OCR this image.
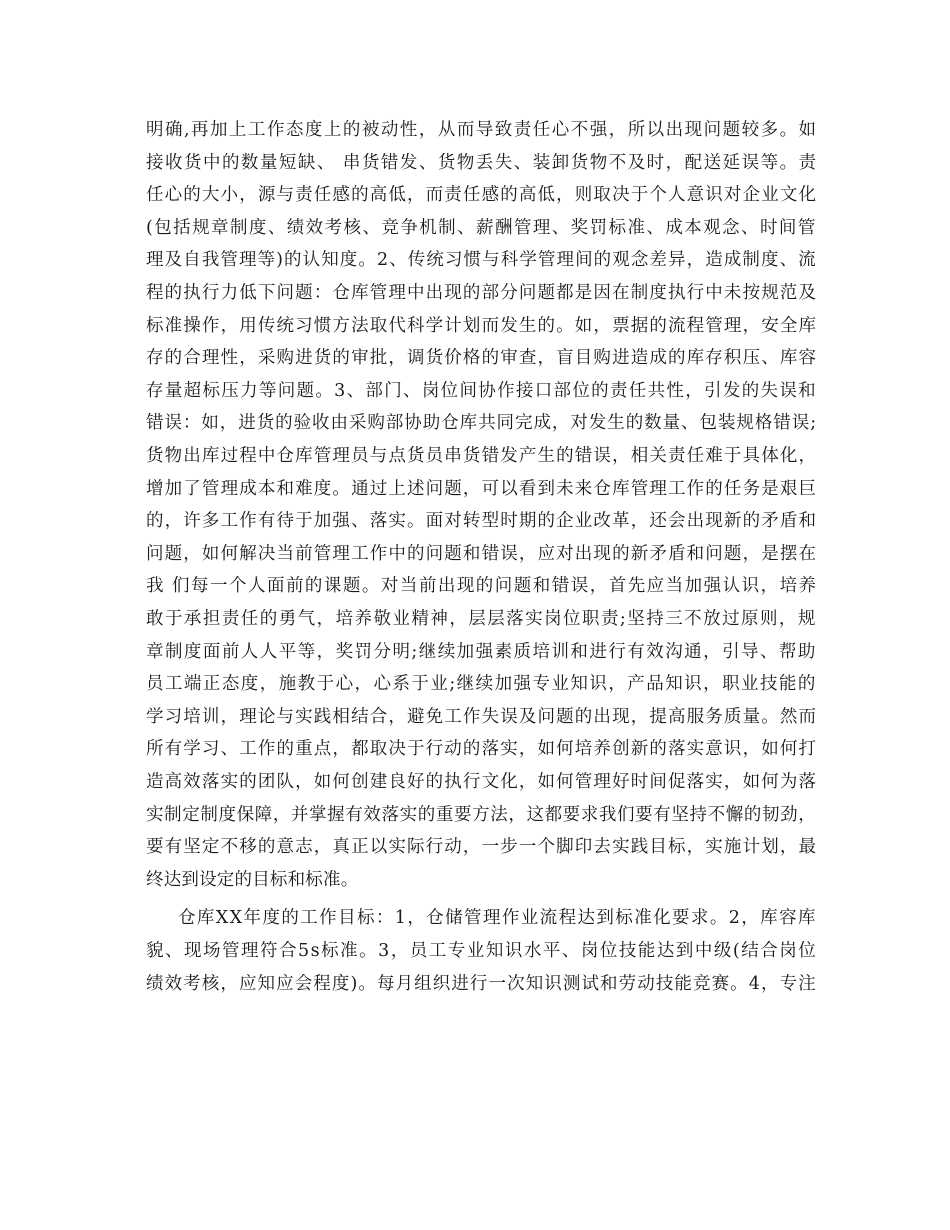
明确,再加上工作态度上的被动性，从而导致责任心不强，所以出现问题较多。如
接收货中的数量短缺、 串货错发、货物丢失、装卸货物不及时，配送延误等。责
任心的大小，源与责任感的高低，而责任感的高低，则取决于个人意识对企业文化
(包括规章制度、绩效考核、竞争机制、薪酬管理、奖罚标准、成本观念、时间管
理及自我管理等)的认知度。2、传统习惯与科学管理间的观念差异，造成制度、流
程的执行力低下问题：仓库管理中出现的部分问题都是因在制度执行中未按规范及
标准操作，用传统习惯方法取代科学计划而发生的。如，票据的流程管理，安全库
存的合理性，采购进货的审批，调货价格的审查，盲目购进造成的库存积压、库容
存量超标压力等问题。3、部门、岗位间协作接口部位的责任共性，引发的失误和
错误：如，进货的验收由采购部协助仓库共同完成，对发生的数量、包装规格错误;
货物出库过程中仓库管理员与点货员串货错发产生的错误，相关责任难于具体化，
增加了管理成本和难度。通过上述问题，可以看到未来仓库管理工作的任务是艰巨
的，许多工作有待于加强、落实。面对转型时期的企业改革，还会出现新的矛盾和
问题，如何解决当前管理工作中的问题和错误，应对出现的新矛盾和问题，是摆在
我 们每一个人面前的课题。对当前出现的问题和错误，首先应当加强认识，培养
敢于承担责任的勇气，培养敬业精神，层层落实岗位职责;坚持三不放过原则，规
章制度面前人人平等，奖罚分明;继续加强素质培训和进行有效沟通，引导、帮助
员工端正态度，施教于心，心系于业;继续加强专业知识，产品知识，职业技能的
学习培训，理论与实践相结合，避免工作失误及问题的出现，提高服务质量。然而
所有学习、工作的重点，都取决于行动的落实，如何培养创新的落实意识，如何打
造高效落实的团队，如何创建良好的执行文化，如何管理好时间促落实，如何为落
实制定制度保障，并掌握有效落实的重要方法，这都要求我们要有坚持不懈的韧劲，
要有坚定不移的意志，真正以实际行动，一步一个脚印去实践目标，实施计划，最
终达到设定的目标和标准。
仓库XX年度的工作目标：1，仓储管理作业流程达到标准化要求。2，库容库
貌、现场管理符合5s标准。3，员工专业知识水平、岗位技能达到中级(结合岗位
绩效考核，应知应会程度)。每月组织进行一次知识测试和劳动技能竞赛。4，专注
